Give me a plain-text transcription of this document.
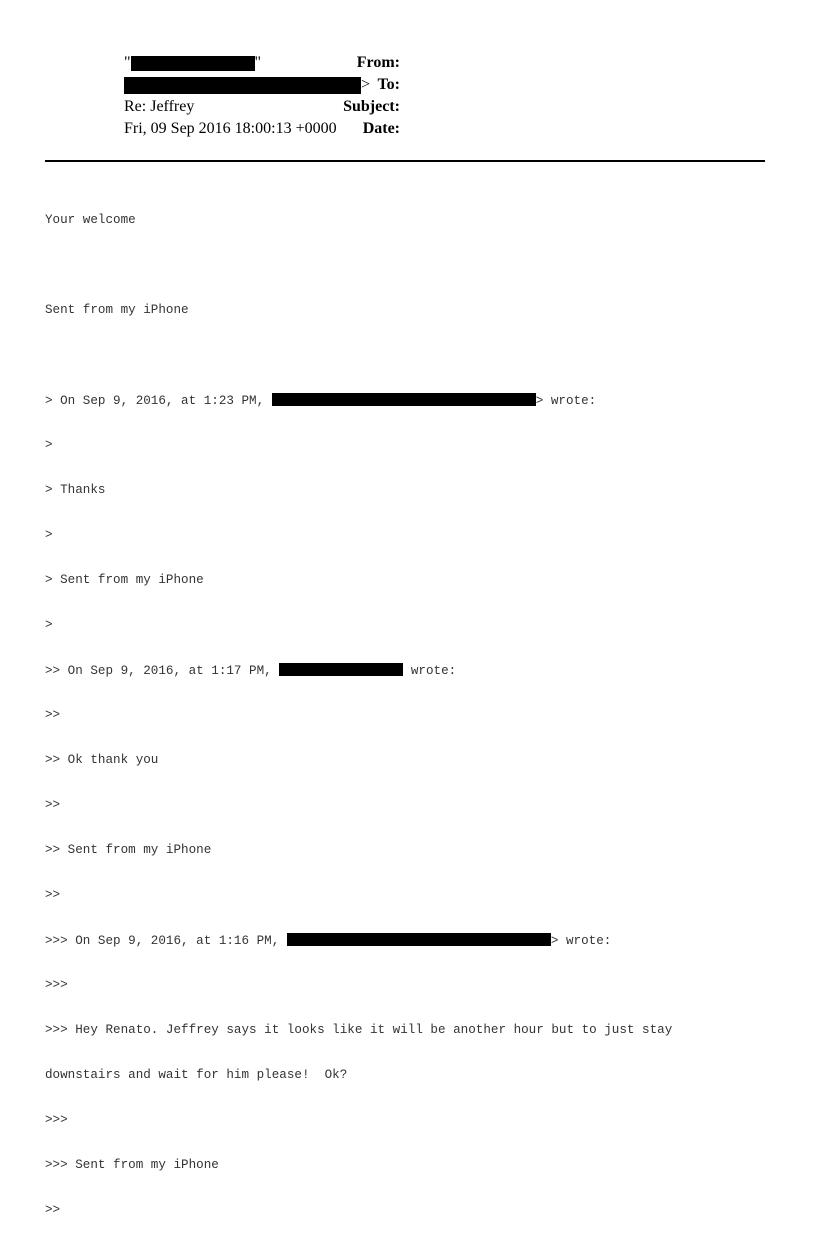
From:
"	"
To:
>
Subject:
Re: Jeffrey
Date:
Fri, 09 Sep 2016 18:00:13 +0000

Your welcome

Sent from my iPhone

> On Sep 9, 2016, at 1:23 PM,	> wrote:

>

> Thanks

>

> Sent from my iPhone

>

>> On Sep 9, 2016, at 1:17 PM,	wrote:

>>

>> Ok thank you

>>

>> Sent from my iPhone

>>

>>> On Sep 9, 2016, at 1:16 PM,	> wrote:

>>>

>>> Hey Renato. Jeffrey says it looks like it will be another hour but to just stay

downstairs and wait for him please!  Ok?

>>>

>>> Sent from my iPhone

>>
